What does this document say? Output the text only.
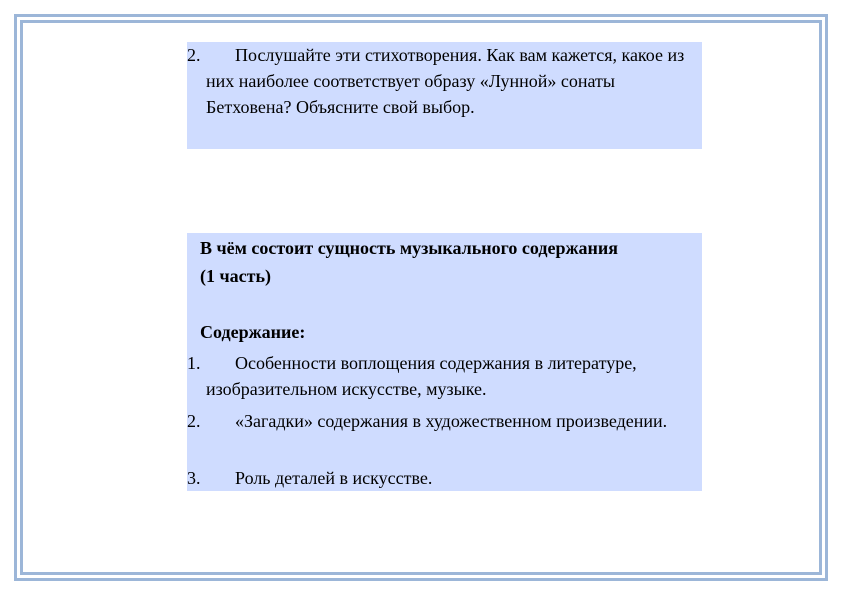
2.	Послушайте эти стихотворения. Как вам кажется, какое из них наиболее соответствует образу «Лунной» сонаты Бетховена? Объясните свой выбор.

В чём состоит сущность музыкального содержания (1 часть)

Содержание:

1.	Особенности воплощения содержания в литературе, изобразительном искусстве, музыке.
2.	«Загадки» содержания в художественном произведении.
3.	Роль деталей в искусстве.
